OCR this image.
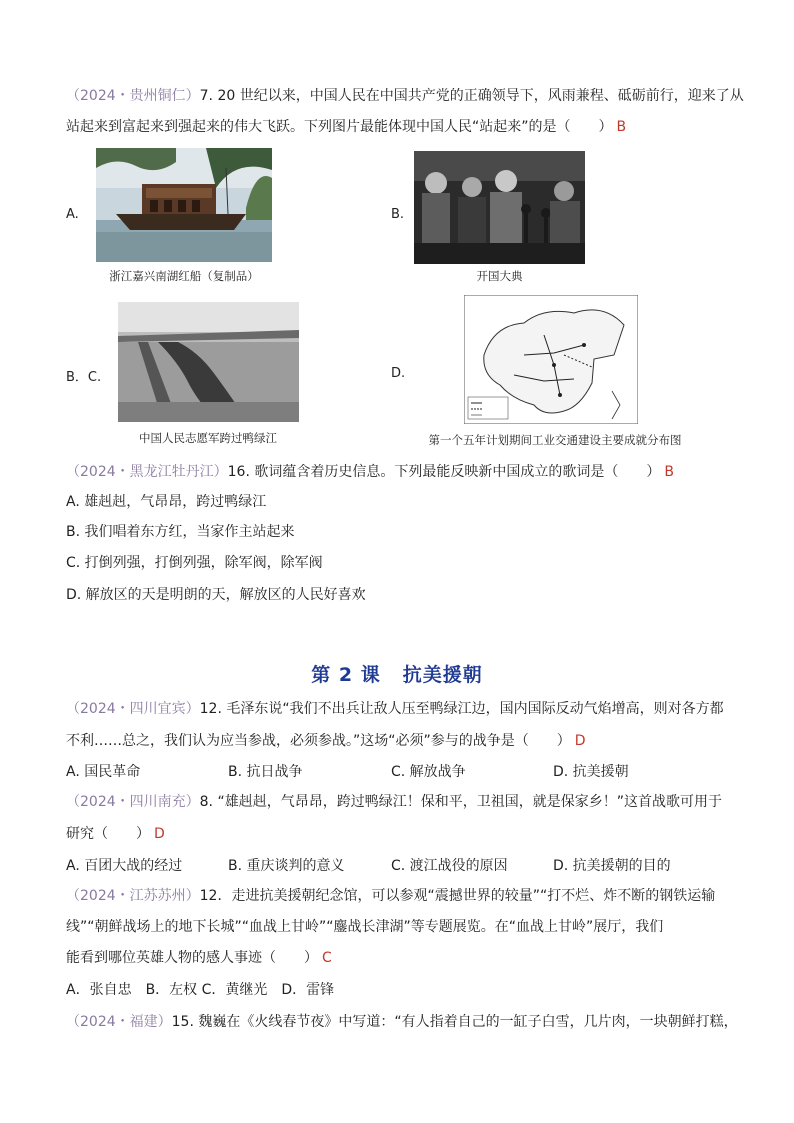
（2024・贵州铜仁）7. 20 世纪以来，中国人民在中国共产党的正确领导下，风雨兼程、砥砺前行，迎来了从
站起来到富起来到强起来的伟大飞跃。下列图片最能体现中国人民“站起来”的是（　　） B
A.
浙江嘉兴南湖红船（复制品）
B.
开国大典
B．C.
中国人民志愿军跨过鸭绿江
D.
第一个五年计划期间工业交通建设主要成就分布图
（2024・黑龙江牡丹江）16. 歌词蕴含着历史信息。下列最能反映新中国成立的歌词是（　　） B
A. 雄赳赳，气昂昂，跨过鸭绿江
B. 我们唱着东方红，当家作主站起来
C. 打倒列强，打倒列强，除军阀，除军阀
D. 解放区的天是明朗的天，解放区的人民好喜欢
第 2 课 抗美援朝
（2024・四川宜宾）12. 毛泽东说“我们不出兵让敌人压至鸭绿江边，国内国际反动气焰增高，则对各方都
不利……总之，我们认为应当参战，必须参战。”这场“必须”参与的战争是（　　） D
A. 国民革命	B. 抗日战争	C. 解放战争	D. 抗美援朝
（2024・四川南充）8. “雄赳赳，气昂昂，跨过鸭绿江！保和平，卫祖国，就是保家乡！”这首战歌可用于
研究（　　） D
A. 百团大战的经过	B. 重庆谈判的意义	C. 渡江战役的原因	D. 抗美援朝的目的
（2024・江苏苏州）12．走进抗美援朝纪念馆，可以参观“震撼世界的较量”“打不烂、炸不断的钢铁运输
线”“朝鲜战场上的地下长城”“血战上甘岭”“鏖战长津湖”等专题展览。在“血战上甘岭”展厅，我们
能看到哪位英雄人物的感人事迹（　　） C
A．张自忠　B．左权 C．黄继光　D．雷锋
（2024・福建）15. 魏巍在《火线春节夜》中写道：“有人指着自己的一缸子白雪，几片肉，一块朝鲜打糕，
